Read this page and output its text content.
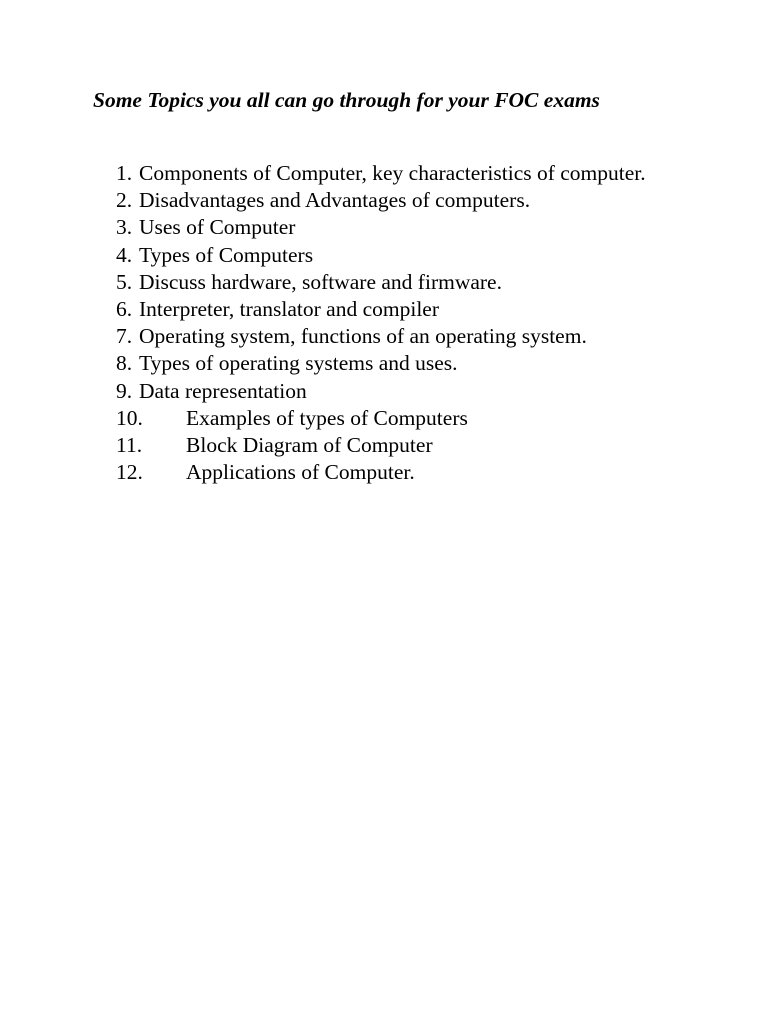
Some Topics you all can go through for your FOC exams
1. Components of Computer, key characteristics of computer.
2. Disadvantages and Advantages of computers.
3. Uses of Computer
4. Types of Computers
5. Discuss hardware, software and firmware.
6. Interpreter, translator and compiler
7. Operating system, functions of an operating system.
8. Types of operating systems and uses.
9. Data representation
10.	Examples of types of Computers
11.	Block Diagram of Computer
12.	Applications of Computer.
